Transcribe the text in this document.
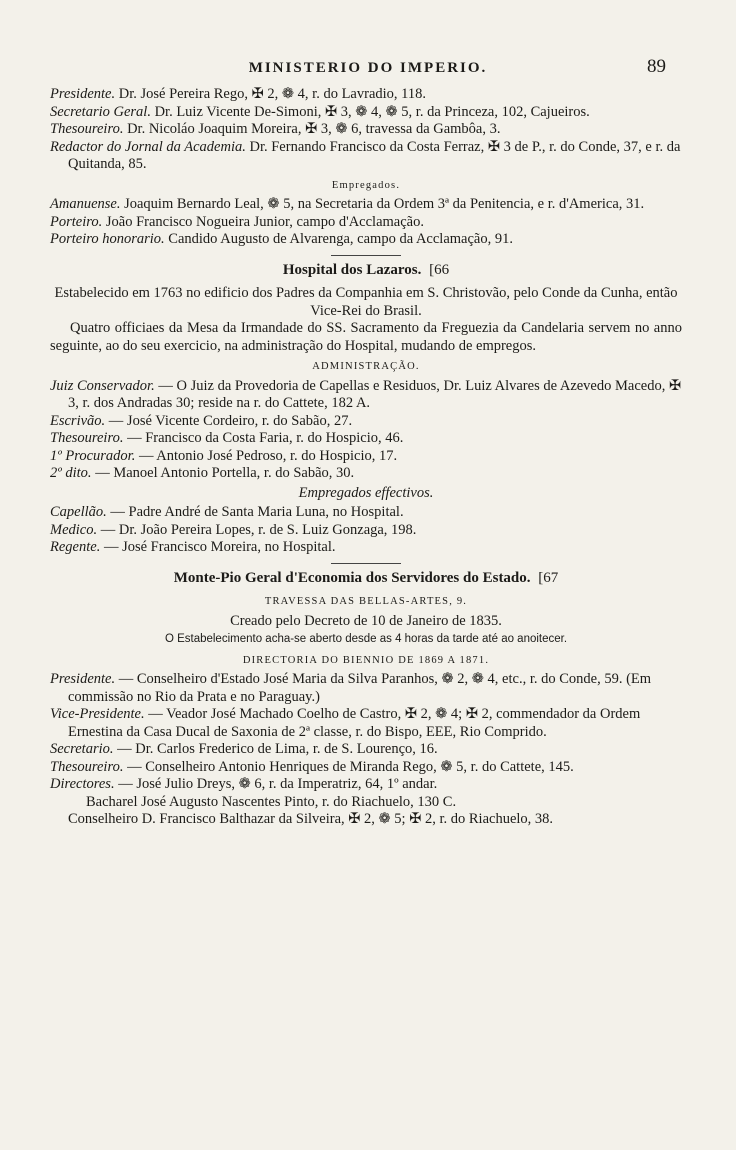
MINISTERIO DO IMPERIO.	89
Presidente. Dr. José Pereira Rego, ✠ 2, ❁ 4, r. do Lavradio, 118.
Secretario Geral. Dr. Luiz Vicente De-Simoni, ✠ 3, ❁ 4, ❁ 5, r. da Princeza, 102, Cajueiros.
Thesoureiro. Dr. Nicoláo Joaquim Moreira, ✠ 3, ❁ 6, travessa da Gambôa, 3.
Redactor do Jornal da Academia. Dr. Fernando Francisco da Costa Ferraz, ✠ 3 de P., r. do Conde, 37, e r. da Quitanda, 85.
Empregados.
Amanuense. Joaquim Bernardo Leal, ❁ 5, na Secretaria da Ordem 3ª da Penitencia, e r. d'America, 31.
Porteiro. João Francisco Nogueira Junior, campo d'Acclamação.
Porteiro honorario. Candido Augusto de Alvarenga, campo da Acclamação, 91.
Hospital dos Lazaros. [66
Estabelecido em 1763 no edificio dos Padres da Companhia em S. Christovão, pelo Conde da Cunha, então Vice-Rei do Brasil.
Quatro officiaes da Mesa da Irmandade do SS. Sacramento da Freguezia da Candelaria servem no anno seguinte, ao do seu exercicio, na administração do Hospital, mudando de empregos.
ADMINISTRAÇÃO.
Juiz Conservador. — O Juiz da Provedoria de Capellas e Residuos, Dr. Luiz Alvares de Azevedo Macedo, ✠ 3, r. dos Andradas 30; reside na r. do Cattete, 182 A.
Escrivão. — José Vicente Cordeiro, r. do Sabão, 27.
Thesoureiro. — Francisco da Costa Faria, r. do Hospicio, 46.
1º Procurador. — Antonio José Pedroso, r. do Hospicio, 17.
2º dito. — Manoel Antonio Portella, r. do Sabão, 30.
Empregados effectivos.
Capellão. — Padre André de Santa Maria Luna, no Hospital.
Medico. — Dr. João Pereira Lopes, r. de S. Luiz Gonzaga, 198.
Regente. — José Francisco Moreira, no Hospital.
Monte-Pio Geral d'Economia dos Servidores do Estado. [67
TRAVESSA DAS BELLAS-ARTES, 9.
Creado pelo Decreto de 10 de Janeiro de 1835.
O Estabelecimento acha-se aberto desde as 4 horas da tarde até ao anoitecer.
DIRECTORIA DO BIENNIO DE 1869 A 1871.
Presidente. — Conselheiro d'Estado José Maria da Silva Paranhos, ❁ 2, ❁ 4, etc., r. do Conde, 59. (Em commissão no Rio da Prata e no Paraguay.)
Vice-Presidente. — Veador José Machado Coelho de Castro, ✠ 2, ❁ 4; ✠ 2, commendador da Ordem Ernestina da Casa Ducal de Saxonia de 2ª classe, r. do Bispo, EEE, Rio Comprido.
Secretario. — Dr. Carlos Frederico de Lima, r. de S. Lourenço, 16.
Thesoureiro. — Conselheiro Antonio Henriques de Miranda Rego, ❁ 5, r. do Cattete, 145.
Directores. — José Julio Dreys, ❁ 6, r. da Imperatriz, 64, 1º andar.
Bacharel José Augusto Nascentes Pinto, r. do Riachuelo, 130 C.
Conselheiro D. Francisco Balthazar da Silveira, ✠ 2, ❁ 5; ✠ 2, r. do Riachuelo, 38.
